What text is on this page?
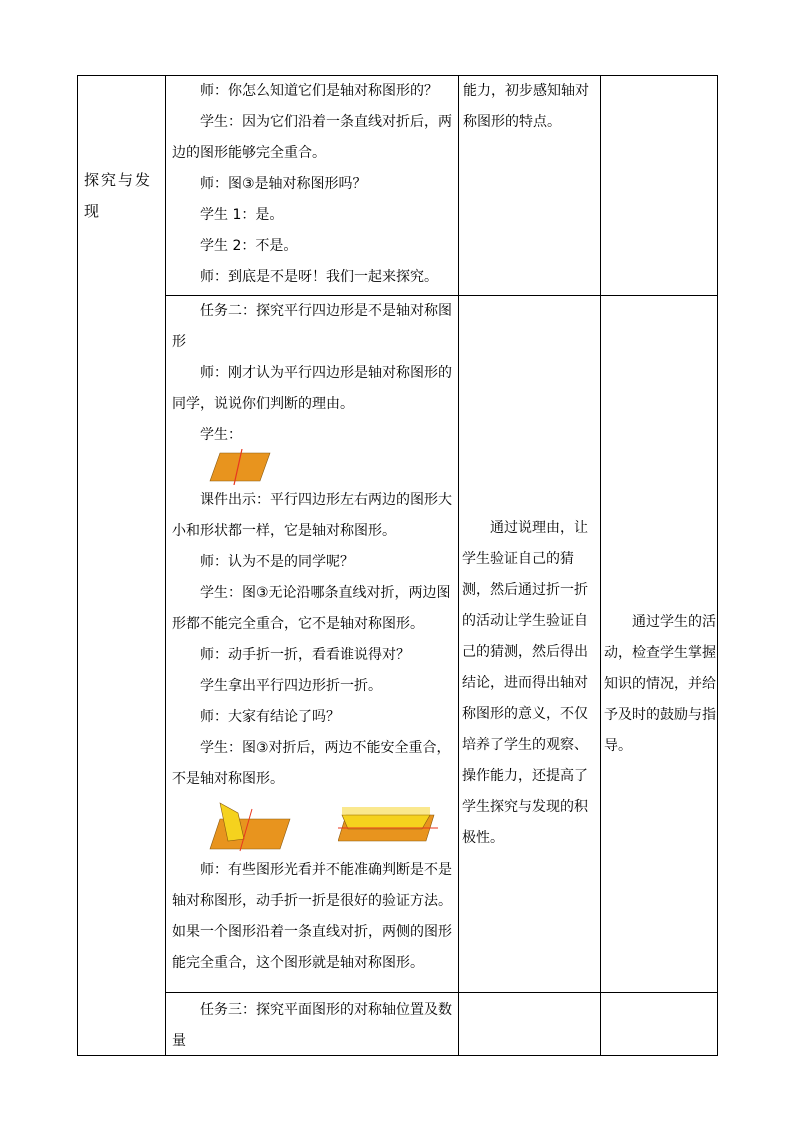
探究与发现

师：你怎么知道它们是轴对称图形的？

学生：因为它们沿着一条直线对折后，两边的图形能够完全重合。

师：图③是轴对称图形吗？

学生 1：是。

学生 2：不是。

师：到底是不是呀！我们一起来探究。

能力，初步感知轴对称图形的特点。

任务二：探究平行四边形是不是轴对称图形

师：刚才认为平行四边形是轴对称图形的同学，说说你们判断的理由。

学生：

课件出示：平行四边形左右两边的图形大小和形状都一样，它是轴对称图形。

师：认为不是的同学呢？

学生：图③无论沿哪条直线对折，两边图形都不能完全重合，它不是轴对称图形。

师：动手折一折，看看谁说得对？

学生拿出平行四边形折一折。

师：大家有结论了吗？

学生：图③对折后，两边不能安全重合，不是轴对称图形。

师：有些图形光看并不能准确判断是不是轴对称图形，动手折一折是很好的验证方法。如果一个图形沿着一条直线对折，两侧的图形能完全重合，这个图形就是轴对称图形。

通过说理由，让学生验证自己的猜测，然后通过折一折的活动让学生验证自己的猜测，然后得出结论，进而得出轴对称图形的意义，不仅培养了学生的观察、操作能力，还提高了学生探究与发现的积极性。

通过学生的活动，检查学生掌握知识的情况，并给予及时的鼓励与指导。

任务三：探究平面图形的对称轴位置及数量
